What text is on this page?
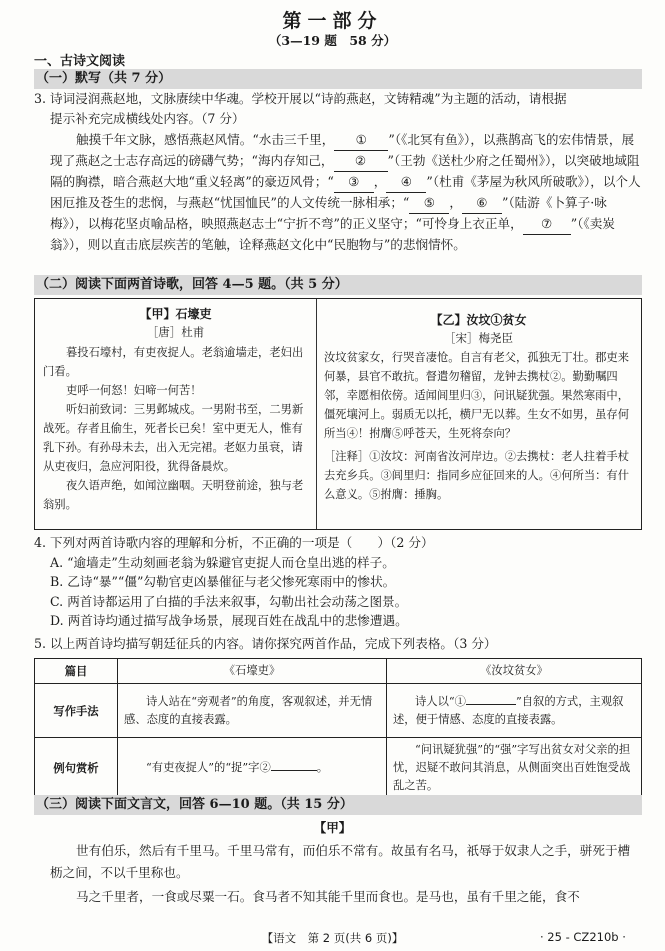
第一部分
（3—19 题　58 分）
一、古诗文阅读
（一）默写（共 7 分）
3. 诗词浸润燕赵地，文脉赓续中华魂。学校开展以“诗韵燕赵，文铸精魂”为主题的活动，请根据
提示补充完成横线处内容。（7 分）
触摸千年文脉，感悟燕赵风情。“水击三千里， ① ”（《北冥有鱼》），以燕鹊高飞的宏伟情景，展现了燕赵之士志存高远的磅礴气势；“海内存知己， ② ”（王勃《送杜少府之任蜀州》），以突破地域阻隔的胸襟，暗合燕赵大地“重义轻离”的豪迈风骨；“ ③ ， ④ ”（杜甫《茅屋为秋风所破歌》），以个人困厄推及苍生的悲悯，与燕赵“忧国恤民”的人文传统一脉相承；“ ⑤ ， ⑥ ”（陆游《卜算子·咏梅》），以梅花坚贞喻品格，映照燕赵志士“宁折不弯”的正义坚守；“可怜身上衣正单， ⑦ ”（《卖炭翁》），则以直击底层疾苦的笔触，诠释燕赵文化中“民胞物与”的悲悯情怀。
（二）阅读下面两首诗歌，回答 4—5 题。（共 5 分）
【甲】石壕吏
［唐］杜甫

暮投石壕村，有吏夜捉人。老翁逾墙走，老妇出门看。

吏呼一何怒！妇啼一何苦！

听妇前致词：三男邺城戍。一男附书至，二男新战死。存者且偷生，死者长已矣！室中更无人，惟有乳下孙。有孙母未去，出入无完裙。老妪力虽衰，请从吏夜归，急应河阳役，犹得备晨炊。

夜久语声绝，如闻泣幽咽。天明登前途，独与老翁别。

【乙】汝坟①贫女
［宋］梅尧臣
汝坟贫家女，行哭音凄怆。自言有老父，孤独无丁壮。郡吏来何暴，县官不敢抗。督遣勿稽留，龙钟去携杖②。勤勤嘱四邻，幸愿相依傍。适闻闾里归③，问讯疑犹强。果然寒雨中，僵死壤河上。弱质无以托，横尸无以葬。生女不如男，虽存何所当④！拊膺⑤呼苍天，生死将奈向？
［注释］①汝坟：河南省汝河岸边。②去携杖：老人拄着手杖去充乡兵。③闾里归：指同乡应征回来的人。④何所当：有什么意义。⑤拊膺：捶胸。
4. 下列对两首诗歌内容的理解和分析，不正确的一项是（　　）（2 分）
A. “逾墙走”生动刻画老翁为躲避官吏捉人而仓皇出逃的样子。
B. 乙诗“暴”“僵”勾勒官吏凶暴催征与老父惨死寒雨中的惨状。
C. 两首诗都运用了白描的手法来叙事，勾勒出社会动荡之图景。
D. 两首诗均通过描写战争场景，展现百姓在战乱中的悲惨遭遇。
5. 以上两首诗均描写朝廷征兵的内容。请你探究两首作品，完成下列表格。（3 分）
篇目	《石壕吏》	《汝坟贫女》
写作手法	诗人站在“旁观者”的角度，客观叙述，并无情感、态度的直接表露。	诗人以“① ”自叙的方式，主观叙述，便于情感、态度的直接表露。
例句赏析	“有吏夜捉人”的“捉”字② 。	“问讯疑犹强”的“强”字写出贫女对父亲的担忧，迟疑不敢问其消息，从侧面突出百姓饱受战乱之苦。
（三）阅读下面文言文，回答 6—10 题。（共 15 分）
【甲】
世有伯乐，然后有千里马。千里马常有，而伯乐不常有。故虽有名马，祇辱于奴隶人之手，骈死于槽枥之间，不以千里称也。
马之千里者，一食或尽粟一石。食马者不知其能千里而食也。是马也，虽有千里之能，食不
【语文　第 2 页(共 6 页)】	· 25 - CZ210b ·
